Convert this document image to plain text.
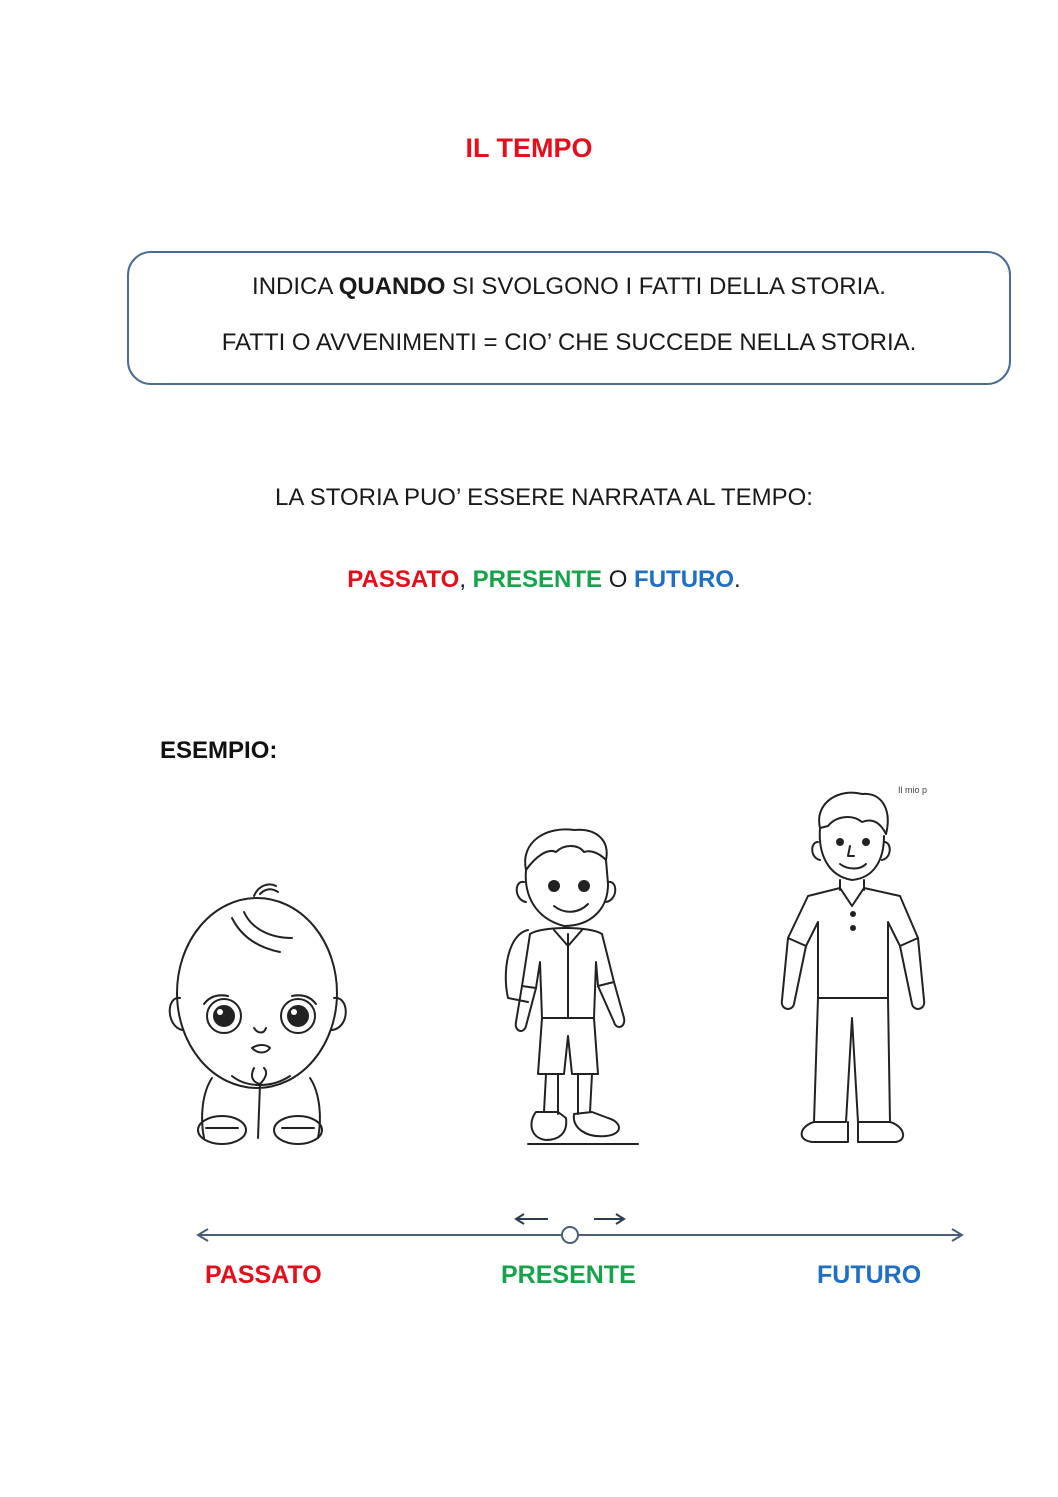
IL TEMPO
INDICA QUANDO SI SVOLGONO I FATTI DELLA STORIA.
FATTI O AVVENIMENTI = CIO’ CHE SUCCEDE NELLA STORIA.
LA STORIA PUO’ ESSERE NARRATA AL TEMPO:
PASSATO, PRESENTE O FUTURO.
ESEMPIO:
Il mio p
PASSATO	PRESENTE	FUTURO
